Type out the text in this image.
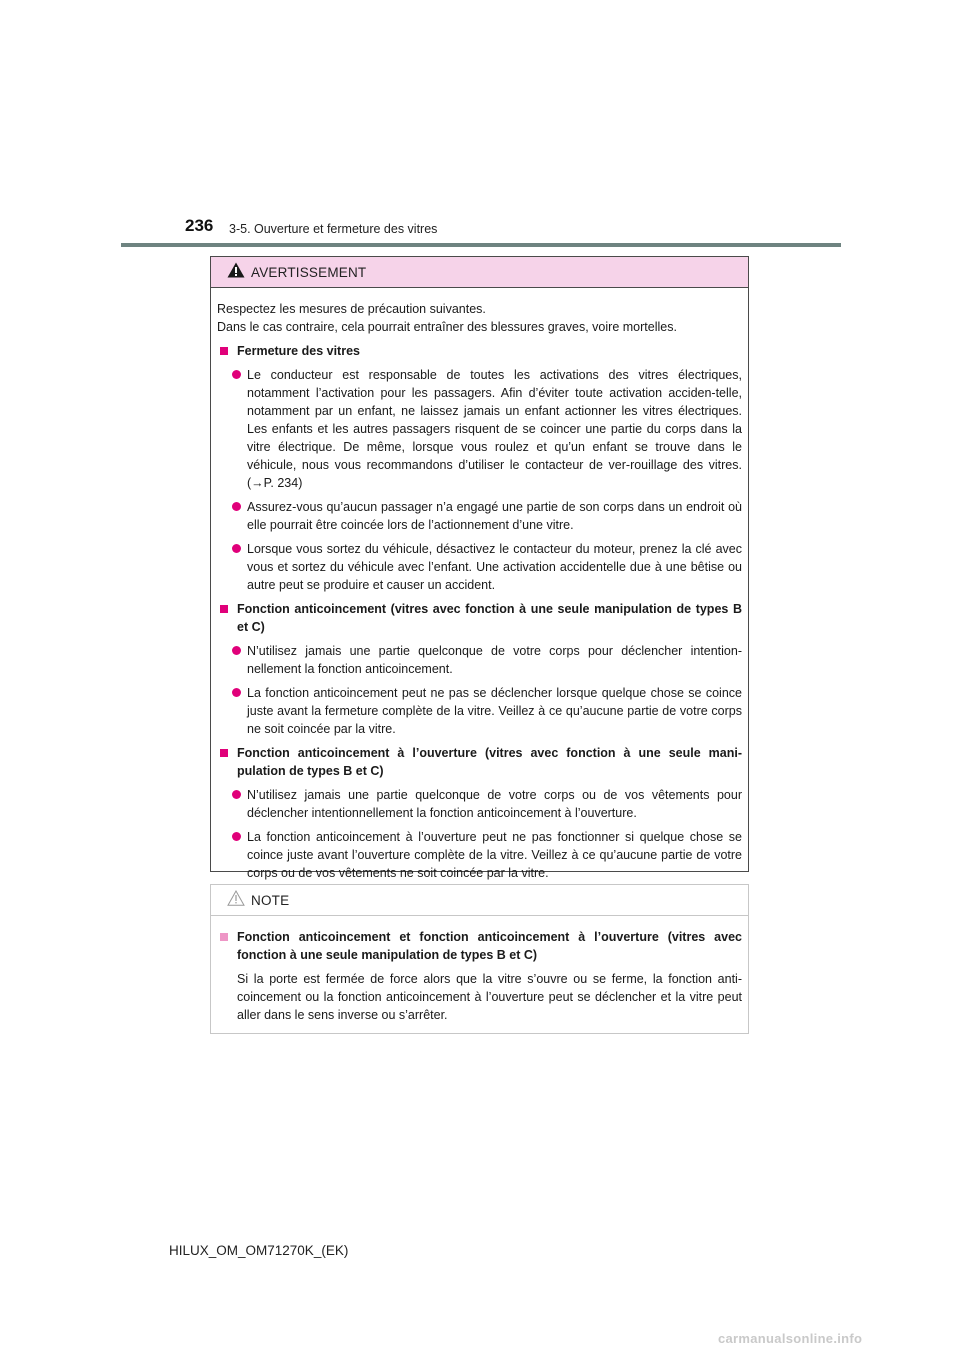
236 3-5. Ouverture et fermeture des vitres
AVERTISSEMENT

Respectez les mesures de précaution suivantes.

Dans le cas contraire, cela pourrait entraîner des blessures graves, voire mortelles.

Fermeture des vitres
Le conducteur est responsable de toutes les activations des vitres électriques, notamment l’activation pour les passagers. Afin d’éviter toute activation acciden-telle, notamment par un enfant, ne laissez jamais un enfant actionner les vitres électriques. Les enfants et les autres passagers risquent de se coincer une partie du corps dans la vitre électrique. De même, lorsque vous roulez et qu’un enfant se trouve dans le véhicule, nous vous recommandons d’utiliser le contacteur de ver-rouillage des vitres. (→P. 234)
Assurez-vous qu’aucun passager n’a engagé une partie de son corps dans un endroit où elle pourrait être coincée lors de l’actionnement d’une vitre.
Lorsque vous sortez du véhicule, désactivez le contacteur du moteur, prenez la clé avec vous et sortez du véhicule avec l’enfant. Une activation accidentelle due à une bêtise ou autre peut se produire et causer un accident.
Fonction anticoincement (vitres avec fonction à une seule manipulation de types B et C)
N’utilisez jamais une partie quelconque de votre corps pour déclencher intention-nellement la fonction anticoincement.
La fonction anticoincement peut ne pas se déclencher lorsque quelque chose se coince juste avant la fermeture complète de la vitre. Veillez à ce qu’aucune partie de votre corps ne soit coincée par la vitre.
Fonction anticoincement à l’ouverture (vitres avec fonction à une seule mani-pulation de types B et C)
N’utilisez jamais une partie quelconque de votre corps ou de vos vêtements pour déclencher intentionnellement la fonction anticoincement à l’ouverture.
La fonction anticoincement à l’ouverture peut ne pas fonctionner si quelque chose se coince juste avant l’ouverture complète de la vitre. Veillez à ce qu’aucune partie de votre corps ou de vos vêtements ne soit coincée par la vitre.
NOTE
Fonction anticoincement et fonction anticoincement à l’ouverture (vitres avec fonction à une seule manipulation de types B et C)
Si la porte est fermée de force alors que la vitre s’ouvre ou se ferme, la fonction anti-coincement ou la fonction anticoincement à l’ouverture peut se déclencher et la vitre peut aller dans le sens inverse ou s’arrêter.
HILUX_OM_OM71270K_(EK)
carmanualsonline.info
